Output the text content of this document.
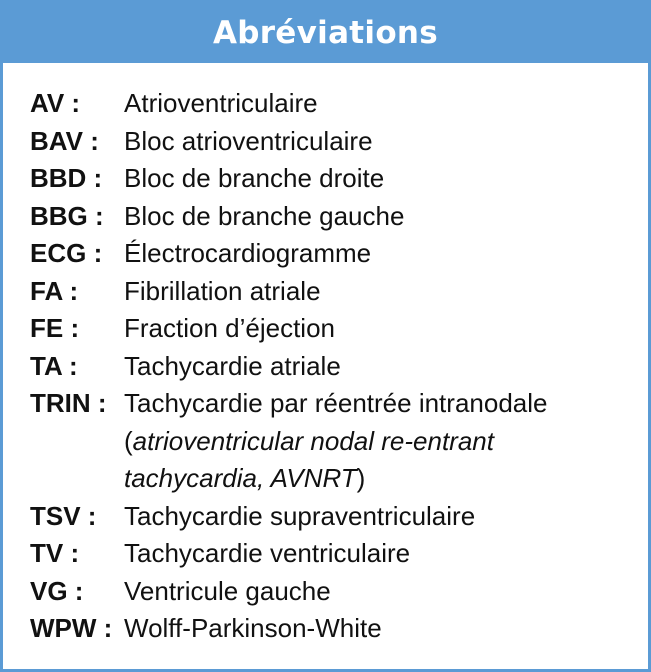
Abréviations
AV :	Atrioventriculaire
BAV : Bloc atrioventriculaire
BBD : Bloc de branche droite
BBG : Bloc de branche gauche
ECG : Électrocardiogramme
FA :	Fibrillation atriale
FE :	Fraction d’éjection
TA :	Tachycardie atriale
TRIN : Tachycardie par réentrée intranodale
(atrioventricular nodal re-entrant
tachycardia, AVNRT)
TSV :	Tachycardie supraventriculaire
TV :	Tachycardie ventriculaire
VG :	Ventricule gauche
WPW : Wolff-Parkinson-White
